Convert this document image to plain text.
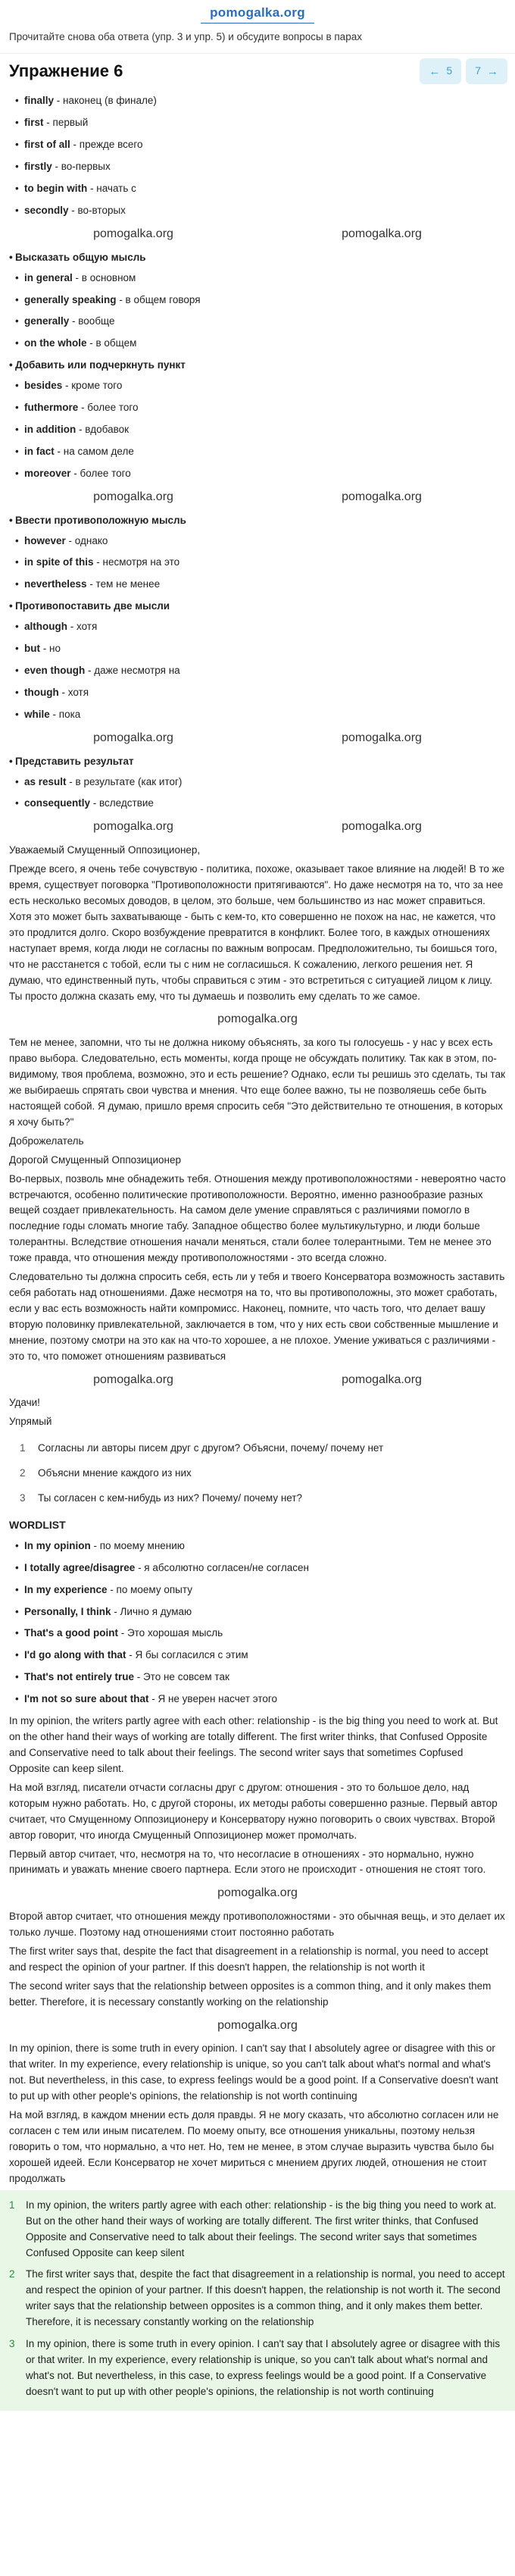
pomogalka.org
Прочитайте снова оба ответа (упр. 3 и упр. 5) и обсудите вопросы в парах
Упражнение 6	← 5 7 →
• finally - наконец (в финале)
• first - первый
• first of all - прежде всего
• firstly - во-первых
• to begin with - начать с
• secondly - во-вторых
pomogalka.org	pomogalka.org
• Высказать общую мысль
• in general - в основном
• generally speaking - в общем говоря
• generally - вообще
• on the whole - в общем
• Добавить или подчеркнуть пункт
• besides - кроме того
• futhermore - более того
• in addition - вдобавок
• in fact - на самом деле
• moreover - более того
pomogalka.org	pomogalka.org
• Ввести противоположную мысль
• however - однако
• in spite of this - несмотря на это
• nevertheless - тем не менее
• Противопоставить две мысли
• although - хотя
• but - но
• even though - даже несмотря на
• though - хотя
• while - пока
pomogalka.org	pomogalka.org
• Представить результат
• as result - в результате (как итог)
• consequently - вследствие
pomogalka.org	pomogalka.org

Уважаемый Смущенный Оппозиционер,

Прежде всего, я очень тебе сочувствую - политика, похоже, оказывает такое влияние на людей! В то же время, существует поговорка "Противоположности притягиваются". Но даже несмотря на то, что за нее есть несколько весомых доводов, в целом, это больше, чем большинство из нас может справиться. Хотя это может быть захватывающе - быть с кем-то, кто совершенно не похож на нас, не кажется, что это продлится долго. Скоро возбуждение превратится в конфликт. Более того, в каждых отношениях наступает время, когда люди не согласны по важным вопросам. Предположительно, ты боишься того, что не расстанется с тобой, если ты с ним не согласишься. К сожалению, легкого решения нет. Я думаю, что единственный путь, чтобы справиться с этим - это встретиться с ситуацией лицом к лицу. Ты просто должна сказать ему, что ты думаешь и позволить ему сделать то же самое.

pomogalka.org

Тем не менее, запомни, что ты не должна никому объяснять, за кого ты голосуешь - у нас у всех есть право выбора. Следовательно, есть моменты, когда проще не обсуждать политику. Так как в этом, по-видимому, твоя проблема, возможно, это и есть решение? Однако, если ты решишь это сделать, ты так же выбираешь спрятать свои чувства и мнения. Что еще более важно, ты не позволяешь себе быть настоящей собой. Я думаю, пришло время спросить себя "Это действительно те отношения, в которых я хочу быть?"

Доброжелатель

Дорогой Смущенный Оппозиционер

Во-первых, позволь мне обнадежить тебя. Отношения между противоположностями - невероятно часто встречаются, особенно политические противоположности. Вероятно, именно разнообразие разных вещей создает привлекательность. На самом деле умение справляться с различиями помогло в последние годы сломать многие табу. Западное общество более мультикультурно, и люди больше толерантны. Вследствие отношения начали меняться, стали более толерантными. Тем не менее это тоже правда, что отношения между противоположностями - это всегда сложно.

Следовательно ты должна спросить себя, есть ли у тебя и твоего Консерватора возможность заставить себя работать над отношениями. Даже несмотря на то, что вы противоположны, это может сработать, если у вас есть возможность найти компромисс. Наконец, помните, что часть того, что делает вашу вторую половинку привлекательной, заключается в том, что у них есть свои собственные мышление и мнение, поэтому смотри на это как на что-то хорошее, а не плохое. Умение уживаться с различиями - это то, что поможет отношениям развиваться

pomogalka.org	pomogalka.org

Удачи!

Упрямый

1 Согласны ли авторы писем друг с другом? Объясни, почему/ почему нет
2 Объясни мнение каждого из них
3 Ты согласен с кем-нибудь из них? Почему/ почему нет?
WORDLIST
• In my opinion - по моему мнению
• I totally agree/disagree - я абсолютно согласен/не согласен
• In my experience - по моему опыту
• Personally, I think - Лично я думаю
• That's a good point - Это хорошая мысль
• I'd go along with that - Я бы согласился с этим
• That's not entirely true - Это не совсем так
• I'm not so sure about that - Я не уверен насчет этого

In my opinion, the writers partly agree with each other: relationship - is the big thing you need to work at. But on the other hand their ways of working are totally different. The first writer thinks, that Confused Opposite and Conservative need to talk about their feelings. The second writer says that sometimes Copfused Opposite can keep silent.

На мой взгляд, писатели отчасти согласны друг с другом: отношения - это то большое дело, над которым нужно работать. Но, с другой стороны, их методы работы совершенно разные. Первый автор считает, что Смущенному Оппозиционеру и Консерватору нужно поговорить о своих чувствах. Второй автор говорит, что иногда Смущенный Оппозиционер может промолчать.

Первый автор считает, что, несмотря на то, что несогласие в отношениях - это нормально, нужно принимать и уважать мнение своего партнера. Если этого не происходит - отношения не стоят того.

pomogalka.org

Второй автор считает, что отношения между противоположностями - это обычная вещь, и это делает их только лучше. Поэтому над отношениями стоит постоянно работать

The first writer says that, despite the fact that disagreement in a relationship is normal, you need to accept and respect the opinion of your partner. If this doesn't happen, the relationship is not worth it

The second writer says that the relationship between opposites is a common thing, and it only makes them better. Therefore, it is necessary constantly working on the relationship

pomogalka.org

In my opinion, there is some truth in every opinion. I can't say that I absolutely agree or disagree with this or that writer. In my experience, every relationship is unique, so you can't talk about what's normal and what's not. But nevertheless, in this case, to express feelings would be a good point. If a Conservative doesn't want to put up with other people's opinions, the relationship is not worth continuing

На мой взгляд, в каждом мнении есть доля правды. Я не могу сказать, что абсолютно согласен или не согласен с тем или иным писателем. По моему опыту, все отношения уникальны, поэтому нельзя говорить о том, что нормально, а что нет. Но, тем не менее, в этом случае выразить чувства было бы хорошей идеей. Если Консерватор не хочет мириться с мнением других людей, отношения не стоит продолжать

1	In my opinion, the writers partly agree with each other: relationship - is the big thing you need to work at. But on the other hand their ways of working are totally different. The first writer thinks, that Confused Opposite and Conservative need to talk about their feelings. The second writer says that sometimes Confused Opposite can keep silent
2	The first writer says that, despite the fact that disagreement in a relationship is normal, you need to accept and respect the opinion of your partner. If this doesn't happen, the relationship is not worth it. The second writer says that the relationship between opposites is a common thing, and it only makes them better. Therefore, it is necessary constantly working on the relationship
3	In my opinion, there is some truth in every opinion. I can't say that I absolutely agree or disagree with this or that writer. In my experience, every relationship is unique, so you can't talk about what's normal and what's not. But nevertheless, in this case, to express feelings would be a good point. If a Conservative doesn't want to put up with other people's opinions, the relationship is not worth continuing
